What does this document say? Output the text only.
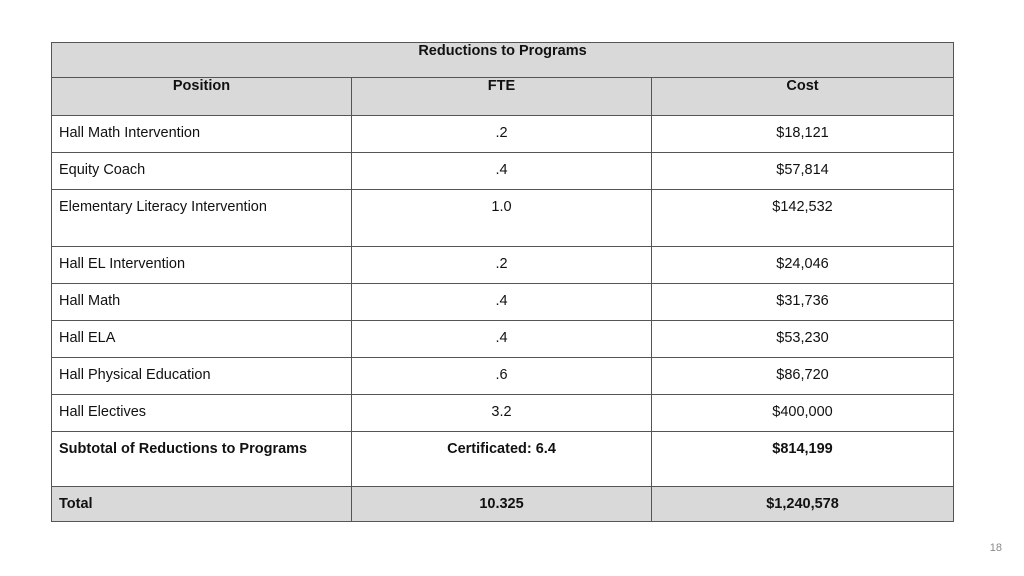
Reductions to Programs		
Position	FTE	Cost
Hall Math Intervention	.2	$18,121
Equity Coach	.4	$57,814
Elementary Literacy Intervention	1.0	$142,532
Hall EL Intervention	.2	$24,046
Hall Math	.4	$31,736
Hall ELA	.4	$53,230
Hall Physical Education	.6	$86,720
Hall Electives	3.2	$400,000
Subtotal of Reductions to Programs	Certificated: 6.4	$814,199
Total	10.325	$1,240,578
18
